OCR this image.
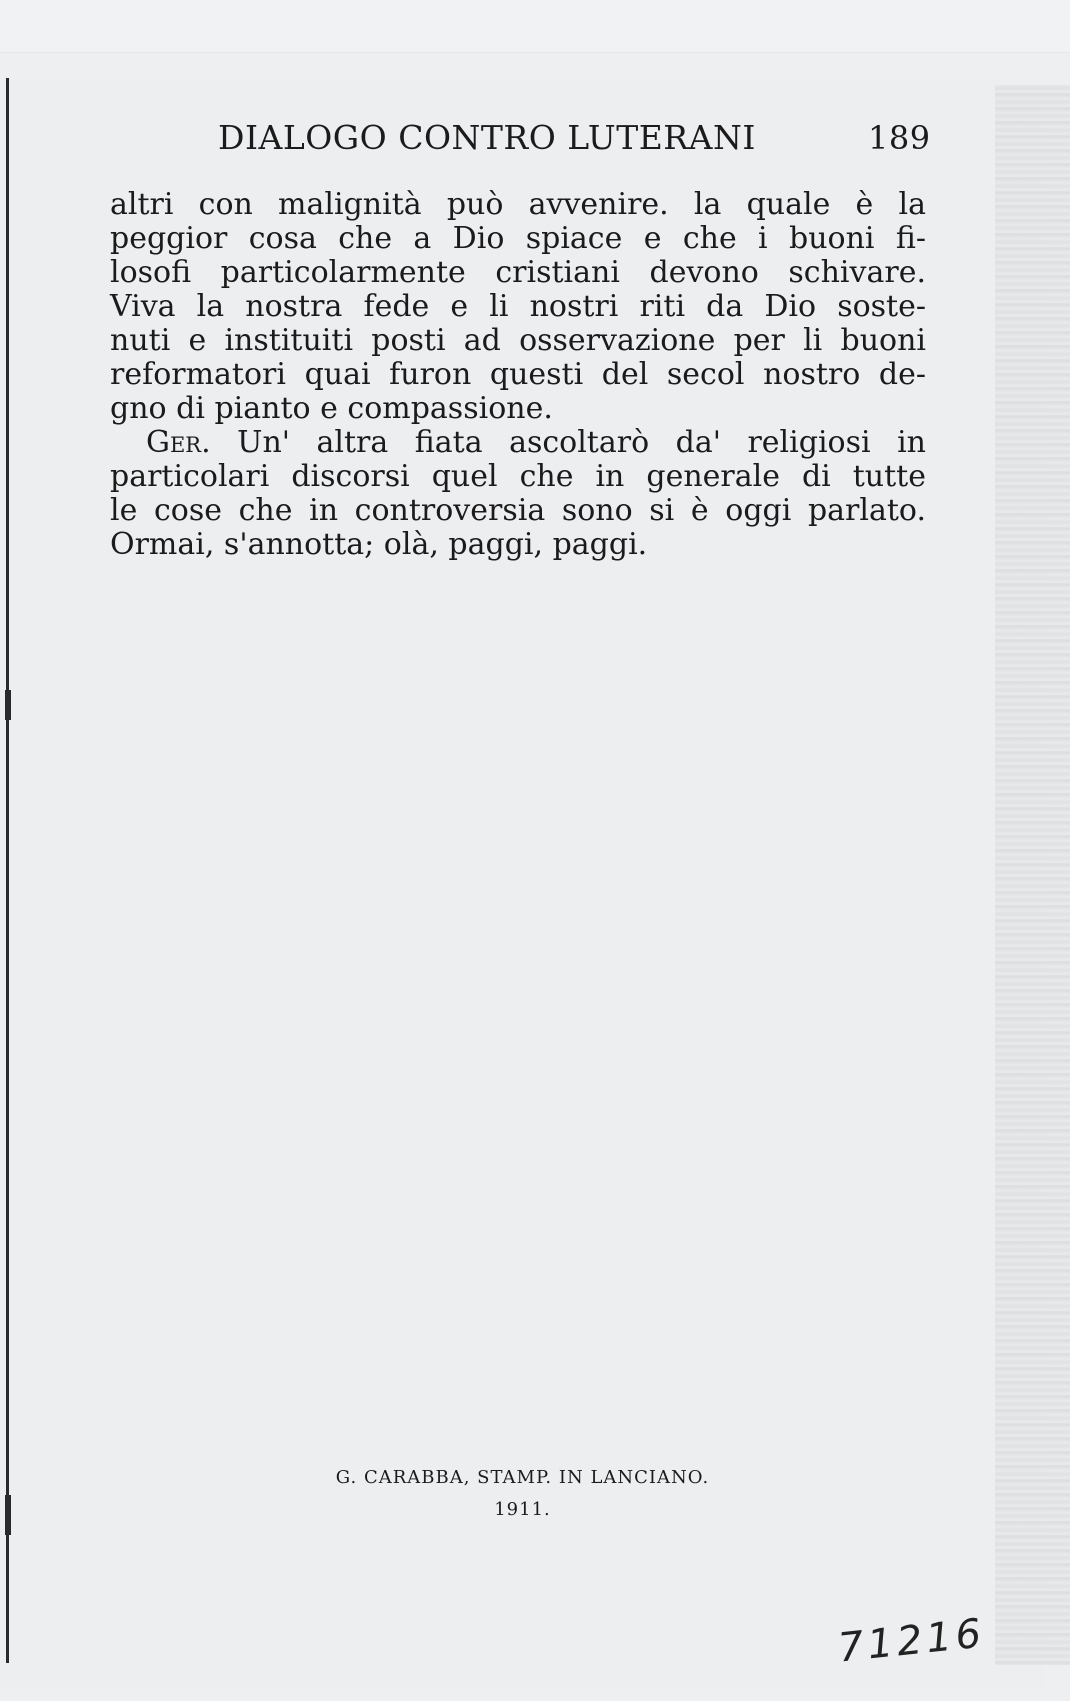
DIALOGO CONTRO LUTERANI	189
altri con malignità può avvenire. la quale è la
peggior cosa che a Dio spiace e che i buoni fi-
losofi particolarmente cristiani devono schivare.
Viva la nostra fede e li nostri riti da Dio soste-
nuti e instituiti posti ad osservazione per li buoni
reformatori quai furon questi del secol nostro de-
gno di pianto e compassione.
Ger. Un' altra fiata ascoltarò da' religiosi in
particolari discorsi quel che in generale di tutte
le cose che in controversia sono si è oggi parlato.
Ormai, s'annotta; olà, paggi, paggi.
G. CARABBA, STAMP. IN LANCIANO.
1911.
71216
